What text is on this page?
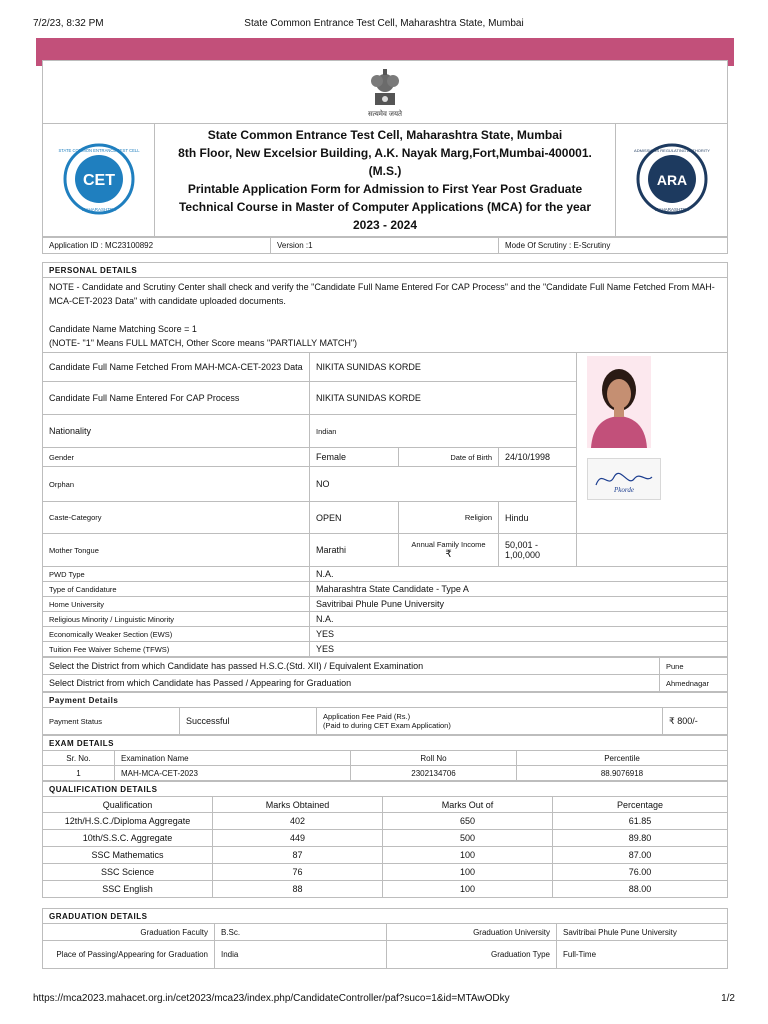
7/2/23, 8:32 PM	State Common Entrance Test Cell, Maharashtra State, Mumbai
सत्यमेव जयते
CET
STATE COMMON ENTRANCE TEST CELL
MAHARASHTRA

State Common Entrance Test Cell, Maharashtra State, Mumbai
8th Floor, New Excelsior Building, A.K. Nayak Marg,Fort,Mumbai-400001.
(M.S.)
Printable Application Form for Admission to First Year Post Graduate
Technical Course in Master of Computer Applications (MCA) for the year
2023 - 2024

ARA
ADMISSIONS REGULATING AUTHORITY
MAHARASHTRA
Application ID : MC23100892	Version :1	Mode Of Scrutiny : E-Scrutiny
PERSONAL DETAILS				

NOTE - Candidate and Scrutiny Center shall check and verify the "Candidate Full Name Entered For CAP Process" and the "Candidate Full Name Fetched From MAH-MCA-CET-2023 Data" with candidate uploaded documents.
Candidate Name Matching Score = 1
(NOTE- "1" Means FULL MATCH, Other Score means "PARTIALLY MATCH")				

Candidate Full Name Fetched From MAH-MCA-CET-2023 Data	NIKITA SUNIDAS KORDE			Pkorde

Candidate Full Name Entered For CAP Process	NIKITA SUNIDAS KORDE			
Nationality	Indian			
Gender	Female	Date of Birth	24/10/1998	
Orphan	NO			
Caste-Category	OPEN	Religion	Hindu	
Mother Tongue	Marathi	Annual Family Income
₹	50,001 - 1,00,000	
PWD Type	N.A.			
Type of Candidature	Maharashtra State Candidate - Type A			
Home University	Savitribai Phule Pune University			
Religious Minority / Linguistic Minority	N.A.			
Economically Weaker Section (EWS)	YES			
Tuition Fee Waiver Scheme (TFWS)	YES			
Select the District from which Candidate has passed H.S.C.(Std. XII) / Equivalent Examination	Pune
Select District from which Candidate has Passed / Appearing for Graduation	Ahmednagar
Payment Details
Payment Status	Successful	Application Fee Paid (Rs.)
(Paid to during CET Exam Application)	₹ 800/-
EXAM DETAILS			
Sr. No.	Examination Name	Roll No	Percentile
1	MAH-MCA-CET-2023	2302134706	88.9076918
QUALIFICATION DETAILS			
Qualification	Marks Obtained	Marks Out of	Percentage
12th/H.S.C./Diploma Aggregate	402	650	61.85
10th/S.S.C. Aggregate	449	500	89.80
SSC Mathematics	87	100	87.00
SSC Science	76	100	76.00
SSC English	88	100	88.00
GRADUATION DETAILS			
Graduation Faculty	B.Sc.	Graduation University	Savitribai Phule Pune University
Place of Passing/Appearing for Graduation	India	Graduation Type	Full-Time
https://mca2023.mahacet.org.in/cet2023/mca23/index.php/CandidateController/paf?suco=1&id=MTAwODky	1/2
